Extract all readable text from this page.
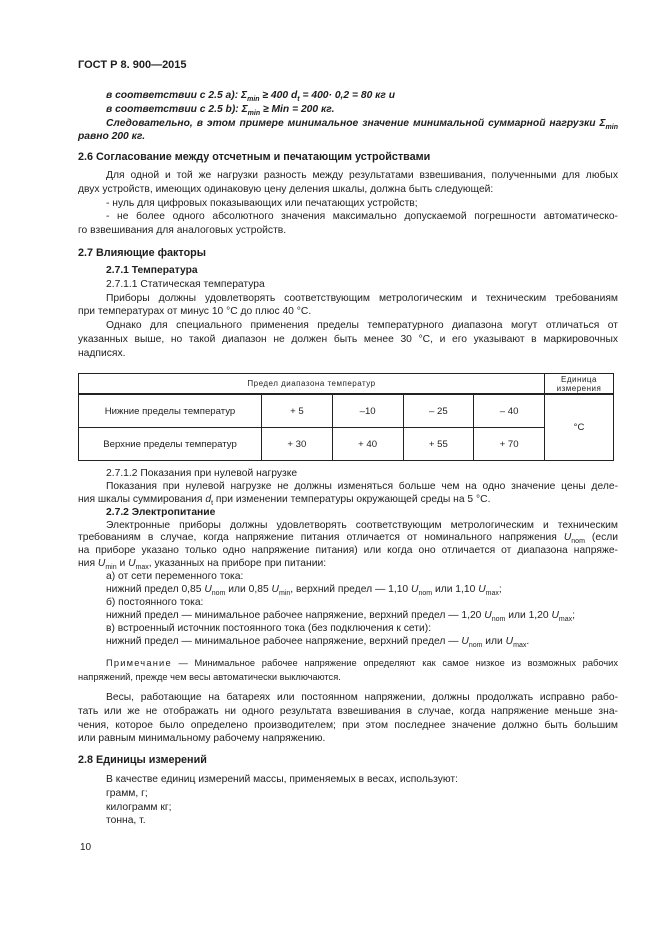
ГОСТ Р 8. 900—2015
в соответствии с 2.5 а): $\Sigma_{min} \ge 400$ $d_t = 400\cdot 0,2 = 80$ кг и
в соответствии с 2.5 b): $\Sigma_{min}$ ≥ Min = 200 кг.
Следовательно, в этом примере минимальное значение минимальной суммарной нагрузки $\Sigma_{min}$
равно 200 кг.
2.6 Согласование между отсчетным и печатающим устройствами
Для одной и той же нагрузки разность между результатами взвешивания, полученными для любых
двух устройств, имеющих одинаковую цену деления шкалы, должна быть следующей:
- нуль для цифровых показывающих или печатающих устройств;
- не более одного абсолютного значения максимально допускаемой погрешности автоматическо-
го взвешивания для аналоговых устройств.
2.7 Влияющие факторы
2.7.1 Температура
2.7.1.1 Статическая температура
Приборы должны удовлетворять соответствующим метрологическим и техническим требованиям
при температурах от минус 10 °С до плюс 40 °С.
Однако для специального применения пределы температурного диапазона могут отличаться от
указанных выше, но такой диапазон не должен быть менее 30 °С, и его указывают в маркировочных
надписях.
Предел диапазона температур					Единица измерения
Нижние пределы температур	+ 5	–10	– 25	– 40	°С
Верхние пределы температур	+ 30	+ 40	+ 55	+ 70	
2.7.1.2 Показания при нулевой нагрузке
Показания при нулевой нагрузке не должны изменяться больше чем на одно значение цены деле-
ния шкалы суммирования $d_t$ при изменении температуры окружающей среды на 5 °С.
2.7.2 Электропитание
Электронные приборы должны удовлетворять соответствующим метрологическим и техническим
требованиям в случае, когда напряжение питания отличается от номинального напряжения $U_{nom}$ (если
на приборе указано только одно напряжение питания) или когда оно отличается от диапазона напряже-
ния $U_{min}$ и $U_{max}$, указанных на приборе при питании:
а) от сети переменного тока:
нижний предел 0,85 $U_{nom}$ или 0,85 $U_{min}$, верхний предел — 1,10 $U_{nom}$ или 1,10 $U_{max}$;
б) постоянного тока:
нижний предел — минимальное рабочее напряжение, верхний предел — 1,20 $U_{nom}$ или 1,20 $U_{max}$;
в) встроенный источник постоянного тока (без подключения к сети):
нижний предел — минимальное рабочее напряжение, верхний предел — $U_{nom}$ или $U_{max}$.
Примечание — Минимальное рабочее напряжение определяют как самое низкое из возможных рабочих
напряжений, прежде чем весы автоматически выключаются.
Весы, работающие на батареях или постоянном напряжении, должны продолжать исправно рабо-
тать или же не отображать ни одного результата взвешивания в случае, когда напряжение меньше зна-
чения, которое было определено производителем; при этом последнее значение должно быть большим
или равным минимальному рабочему напряжению.
2.8 Единицы измерений
В качестве единиц измерений массы, применяемых в весах, используют:
грамм, г;
килограмм кг;
тонна, т.
10
